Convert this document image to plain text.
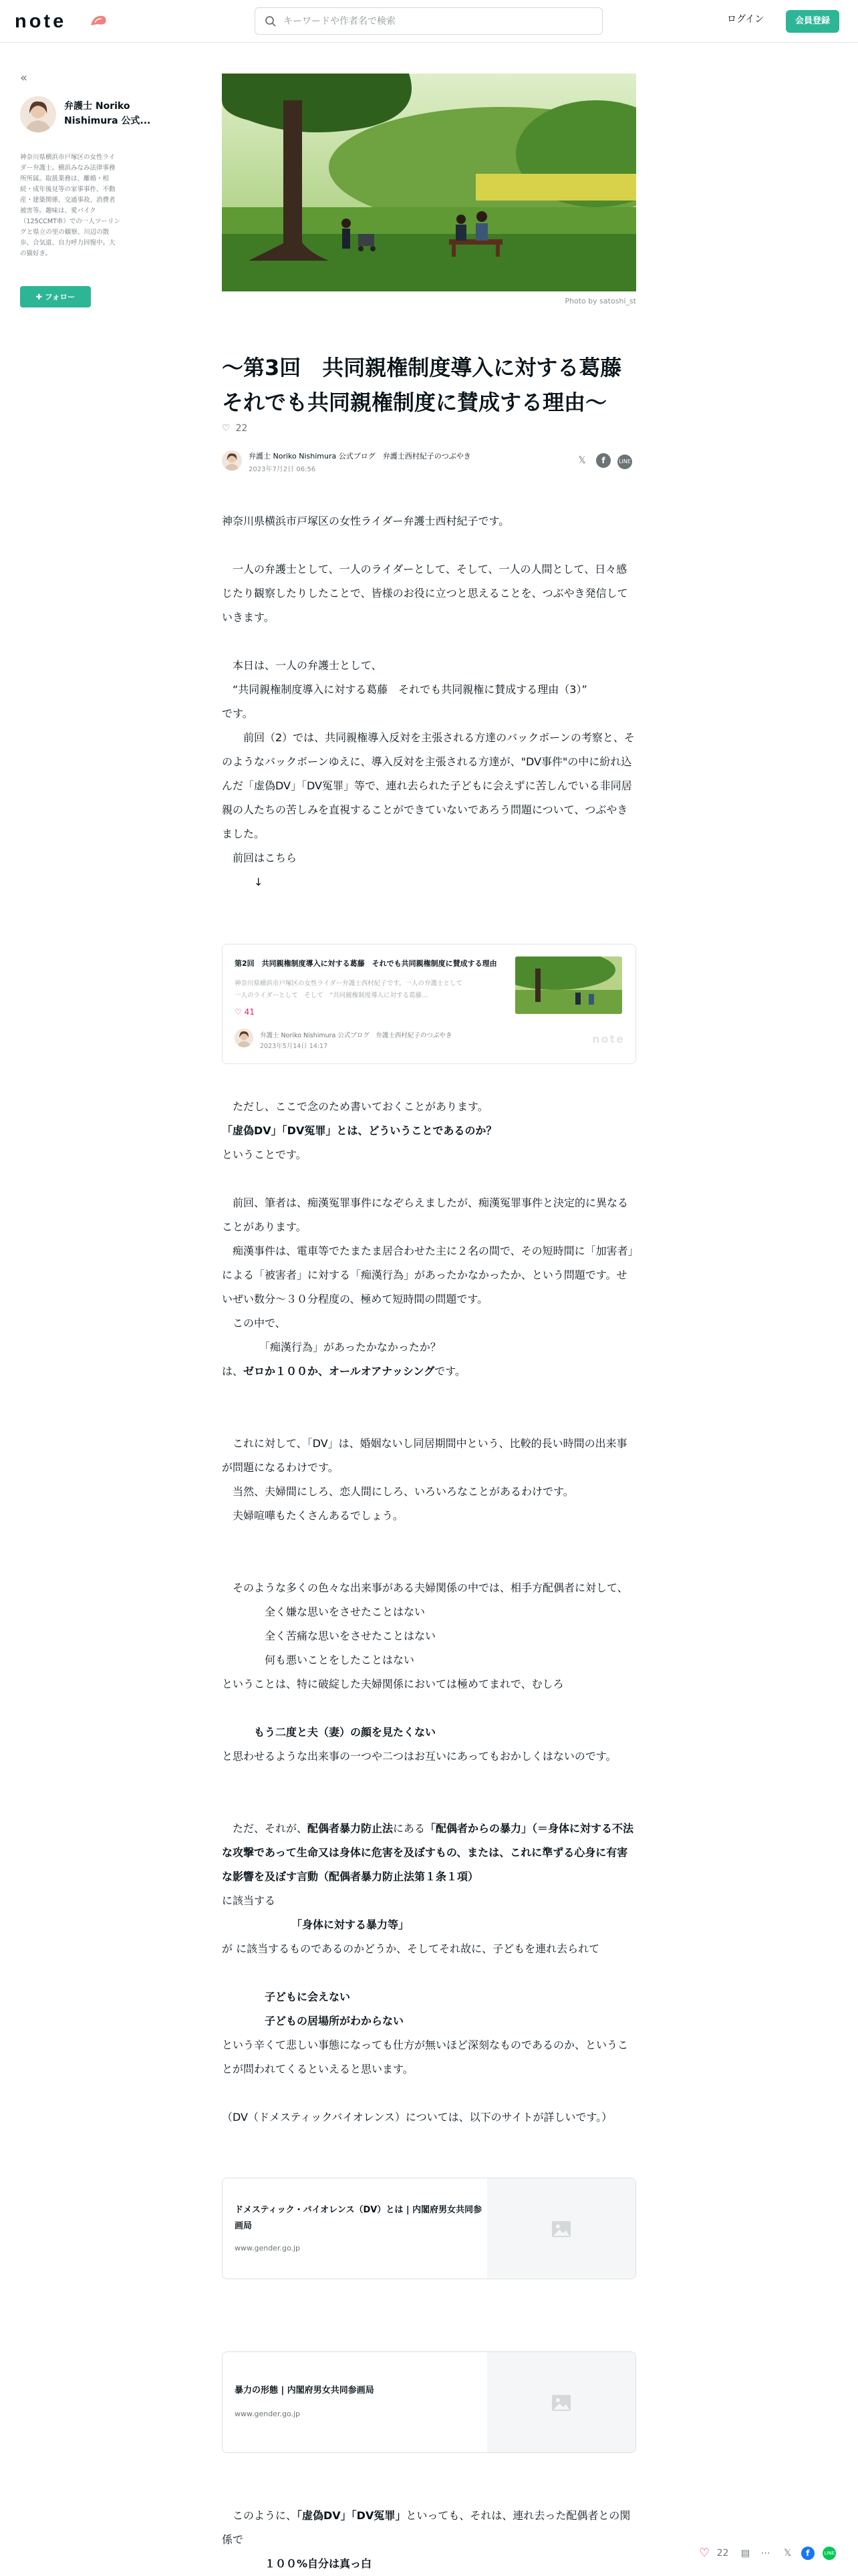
note
キーワードや作者名で検索	ログイン	会員登録
«
弁護士 Noriko Nishimura 公式...
神奈川県横浜市戸塚区の女性ライダー弁護士。横浜みなみ法律事務所所属。取扱業務は、離婚・相続・成年後見等の家事事件、不動産・建築関係、交通事故、消費者被害等。趣味は、愛バイク（125CCMT車）での一人ツーリングと県立の里の観察、川辺の散歩、合気道、自力呼力回復中。大の猫好き。
✚ フォロー	Photo by satoshi_st
〜第3回　共同親権制度導入に対する葛藤 それでも共同親権制度に賛成する理由〜
♡ 22
弁護士 Noriko Nishimura 公式ブログ　弁護士西村紀子のつぶやき
2023年7月2日 06:56
𝕏 f	LINE
神奈川県横浜市戸塚区の女性ライダー弁護士西村紀子です。
　一人の弁護士として、一人のライダーとして、そして、一人の人間として、日々感じたり観察したりしたことで、皆様のお役に立つと思えることを、つぶやき発信していきます。
　本日は、一人の弁護士として、
　“共同親権制度導入に対する葛藤　それでも共同親権に賛成する理由（3）”
です。
　　前回（2）では、共同親権導入反対を主張される方達のバックボーンの考察と、そのようなバックボーンゆえに、導入反対を主張される方達が、"DV事件"の中に紛れ込んだ「虚偽DV」「DV冤罪」等で、連れ去られた子どもに会えずに苦しんでいる非同居親の人たちの苦しみを直視することができていないであろう問題について、つぶやきました。
　前回はこちら
　　　↓
第2回　共同親権制度導入に対する葛藤　それでも共同親権制度に賛成する理由
神奈川県横浜市戸塚区の女性ライダー弁護士西村紀子です。一人の弁護士として
一人のライダーとして　そして　“共同親権制度導入に対する葛藤…
♡ 41
弁護士 Noriko Nishimura 公式ブログ　弁護士西村紀子のつぶやき
2023年5月14日 14:17
note
　ただし、ここで念のため書いておくことがあります。
「虚偽DV」「DV冤罪」とは、どういうことであるのか？
ということです。
　前回、筆者は、痴漢冤罪事件になぞらえましたが、痴漢冤罪事件と決定的に異なることがあります。
　痴漢事件は、電車等でたまたま居合わせた主に２名の間で、その短時間に「加害者」による「被害者」に対する「痴漢行為」があったかなかったか、という問題です。せいぜい数分〜３０分程度の、極めて短時間の問題です。
　この中で、
　　　　「痴漢行為」があったかなかったか？
は、ゼロか１００か、オールオアナッシングです。
　これに対して、「DV」は、婚姻ないし同居期間中という、比較的長い時間の出来事が問題になるわけです。
　当然、夫婦間にしろ、恋人間にしろ、いろいろなことがあるわけです。
　夫婦喧嘩もたくさんあるでしょう。
　そのような多くの色々な出来事がある夫婦関係の中では、相手方配偶者に対して、
　　　　全く嫌な思いをさせたことはない
　　　　全く苦痛な思いをさせたことはない
　　　　何も悪いことをしたことはない
ということは、特に破綻した夫婦関係においては極めてまれで、むしろ
　　　もう二度と夫（妻）の顔を見たくない
と思わせるような出来事の一つや二つはお互いにあってもおかしくはないのです。
　ただ、それが、配偶者暴力防止法にある「配偶者からの暴力」（＝身体に対する不法な攻撃であって生命又は身体に危害を及ぼすもの、または、これに準ずる心身に有害な影響を及ぼす言動（配偶者暴力防止法第１条１項）
に該当する
　　　　　　　「身体に対する暴力等」
が に該当するものであるのかどうか、そしてそれ故に、子どもを連れ去られて
　　　　子どもに会えない
　　　　子どもの居場所がわからない
という辛くて悲しい事態になっても仕方が無いほど深刻なものであるのか、ということが問われてくるといえると思います。
（DV（ドメスティックバイオレンス）については、以下のサイトが詳しいです。）
ドメスティック・バイオレンス（DV）とは | 内閣府男女共同参画局
www.gender.go.jp
暴力の形態 | 内閣府男女共同参画局
www.gender.go.jp
　このように、「虚偽DV」「DV冤罪」といっても、それは、連れ去った配偶者との関係で
　　　　１００%自分は真っ白
♡ 22 ▤ ⋯ 𝕏 f	LINE
